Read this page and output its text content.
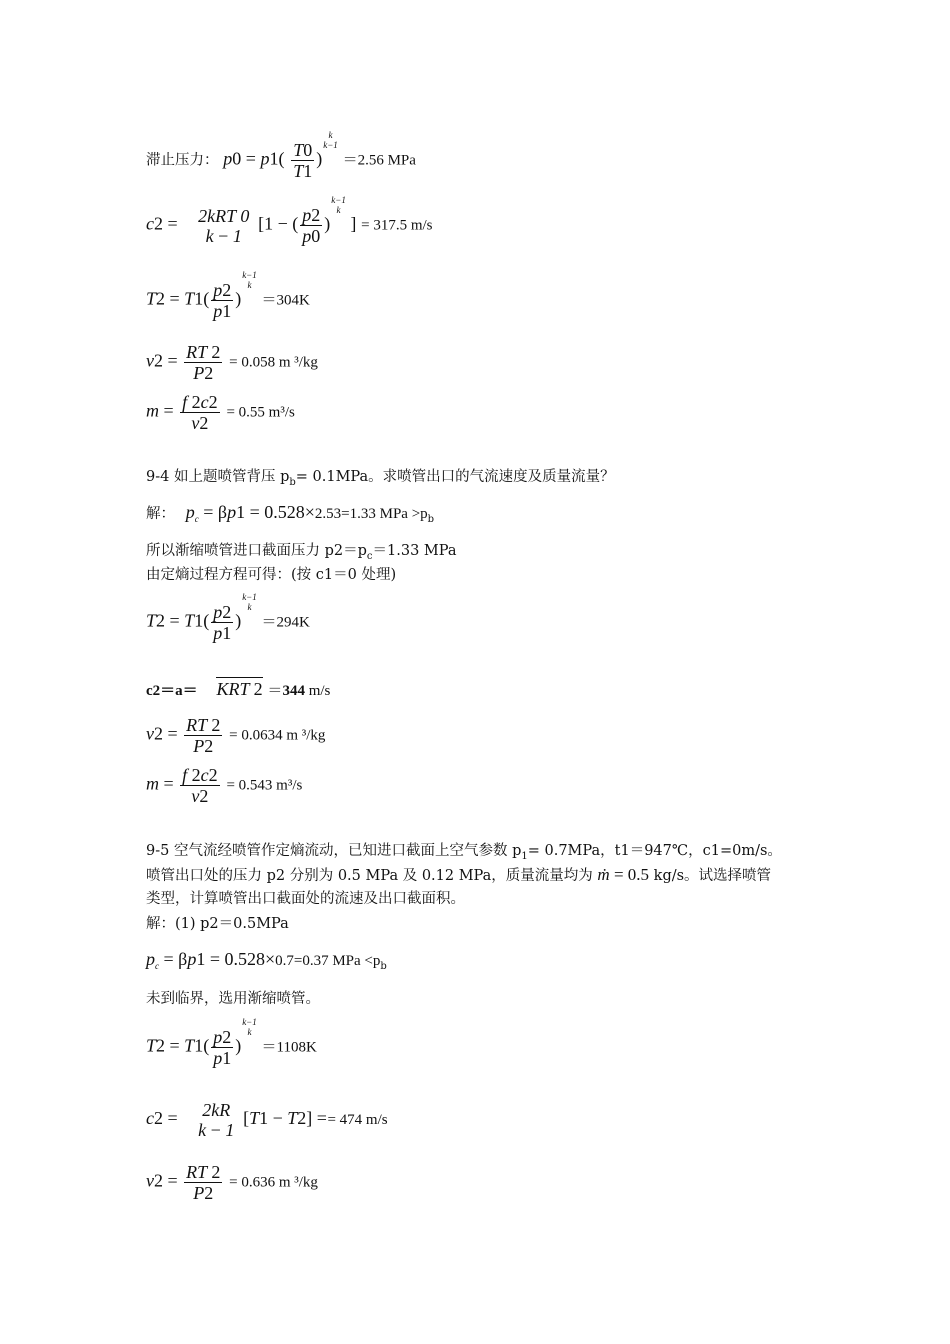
滞止压力： $p0 = p1( \frac{T0}{T1}$ )
k
k−1
＝2.56 MPa
c2 = 2kRT 0
k − 1
[1 − ( $\frac{p2}{p0}$ )
k−1
k
] = 317.5 m/s
$T2 = T1( \frac{p2}{p1}$ )
k−1
k
＝304K
$v2 = \frac{RT 2}{P2} = 0.058$ m ³/kg
$m = \frac{f 2c2}{v2} = 0.55$ m³/s
9-4 如上题喷管背压 $p_b= 0.1MPa$。求喷管出口的气流速度及质量流量？
解： $p_c = \beta p1 = 0.528\times 2.53=1.33$ MPa $>p_b$
所以渐缩喷管进口截面压力 $p2=p_c=1.33$ MPa
由定熵过程方程可得：(按 c1＝0 处理)
$T2 = T1( \frac{p2}{p1}$ )
k−1
k
＝294K
c2＝a＝ KRT 2 ＝344 m/s
$v2 = \frac{RT 2}{P2} = 0.0634$ m ³/kg
$m = \frac{f 2c2}{v2} = 0.543$ m³/s
9-5 空气流经喷管作定熵流动，已知进口截面上空气参数 $p_1= 0.7MPa$，t1＝947℃，c1=0m/s。
喷管出口处的压力 p2 分别为 0.5 MPa 及 0.12 MPa，质量流量均为 ṁ = 0.5 kg/s。试选择喷管
类型，计算喷管出口截面处的流速及出口截面积。
解：(1) p2＝0.5MPa
$p_c = \beta p1 = 0.528\times 0.7=0.37$ MPa $<p_b$
未到临界，选用渐缩喷管。
$T2 = T1( \frac{p2}{p1}$ )
k−1
k
＝1108K
c2 =	2kR
k − 1
[T1 − T2] = = 474 m/s
$v2 = \frac{RT 2}{P2} = 0.636$ m ³/kg
